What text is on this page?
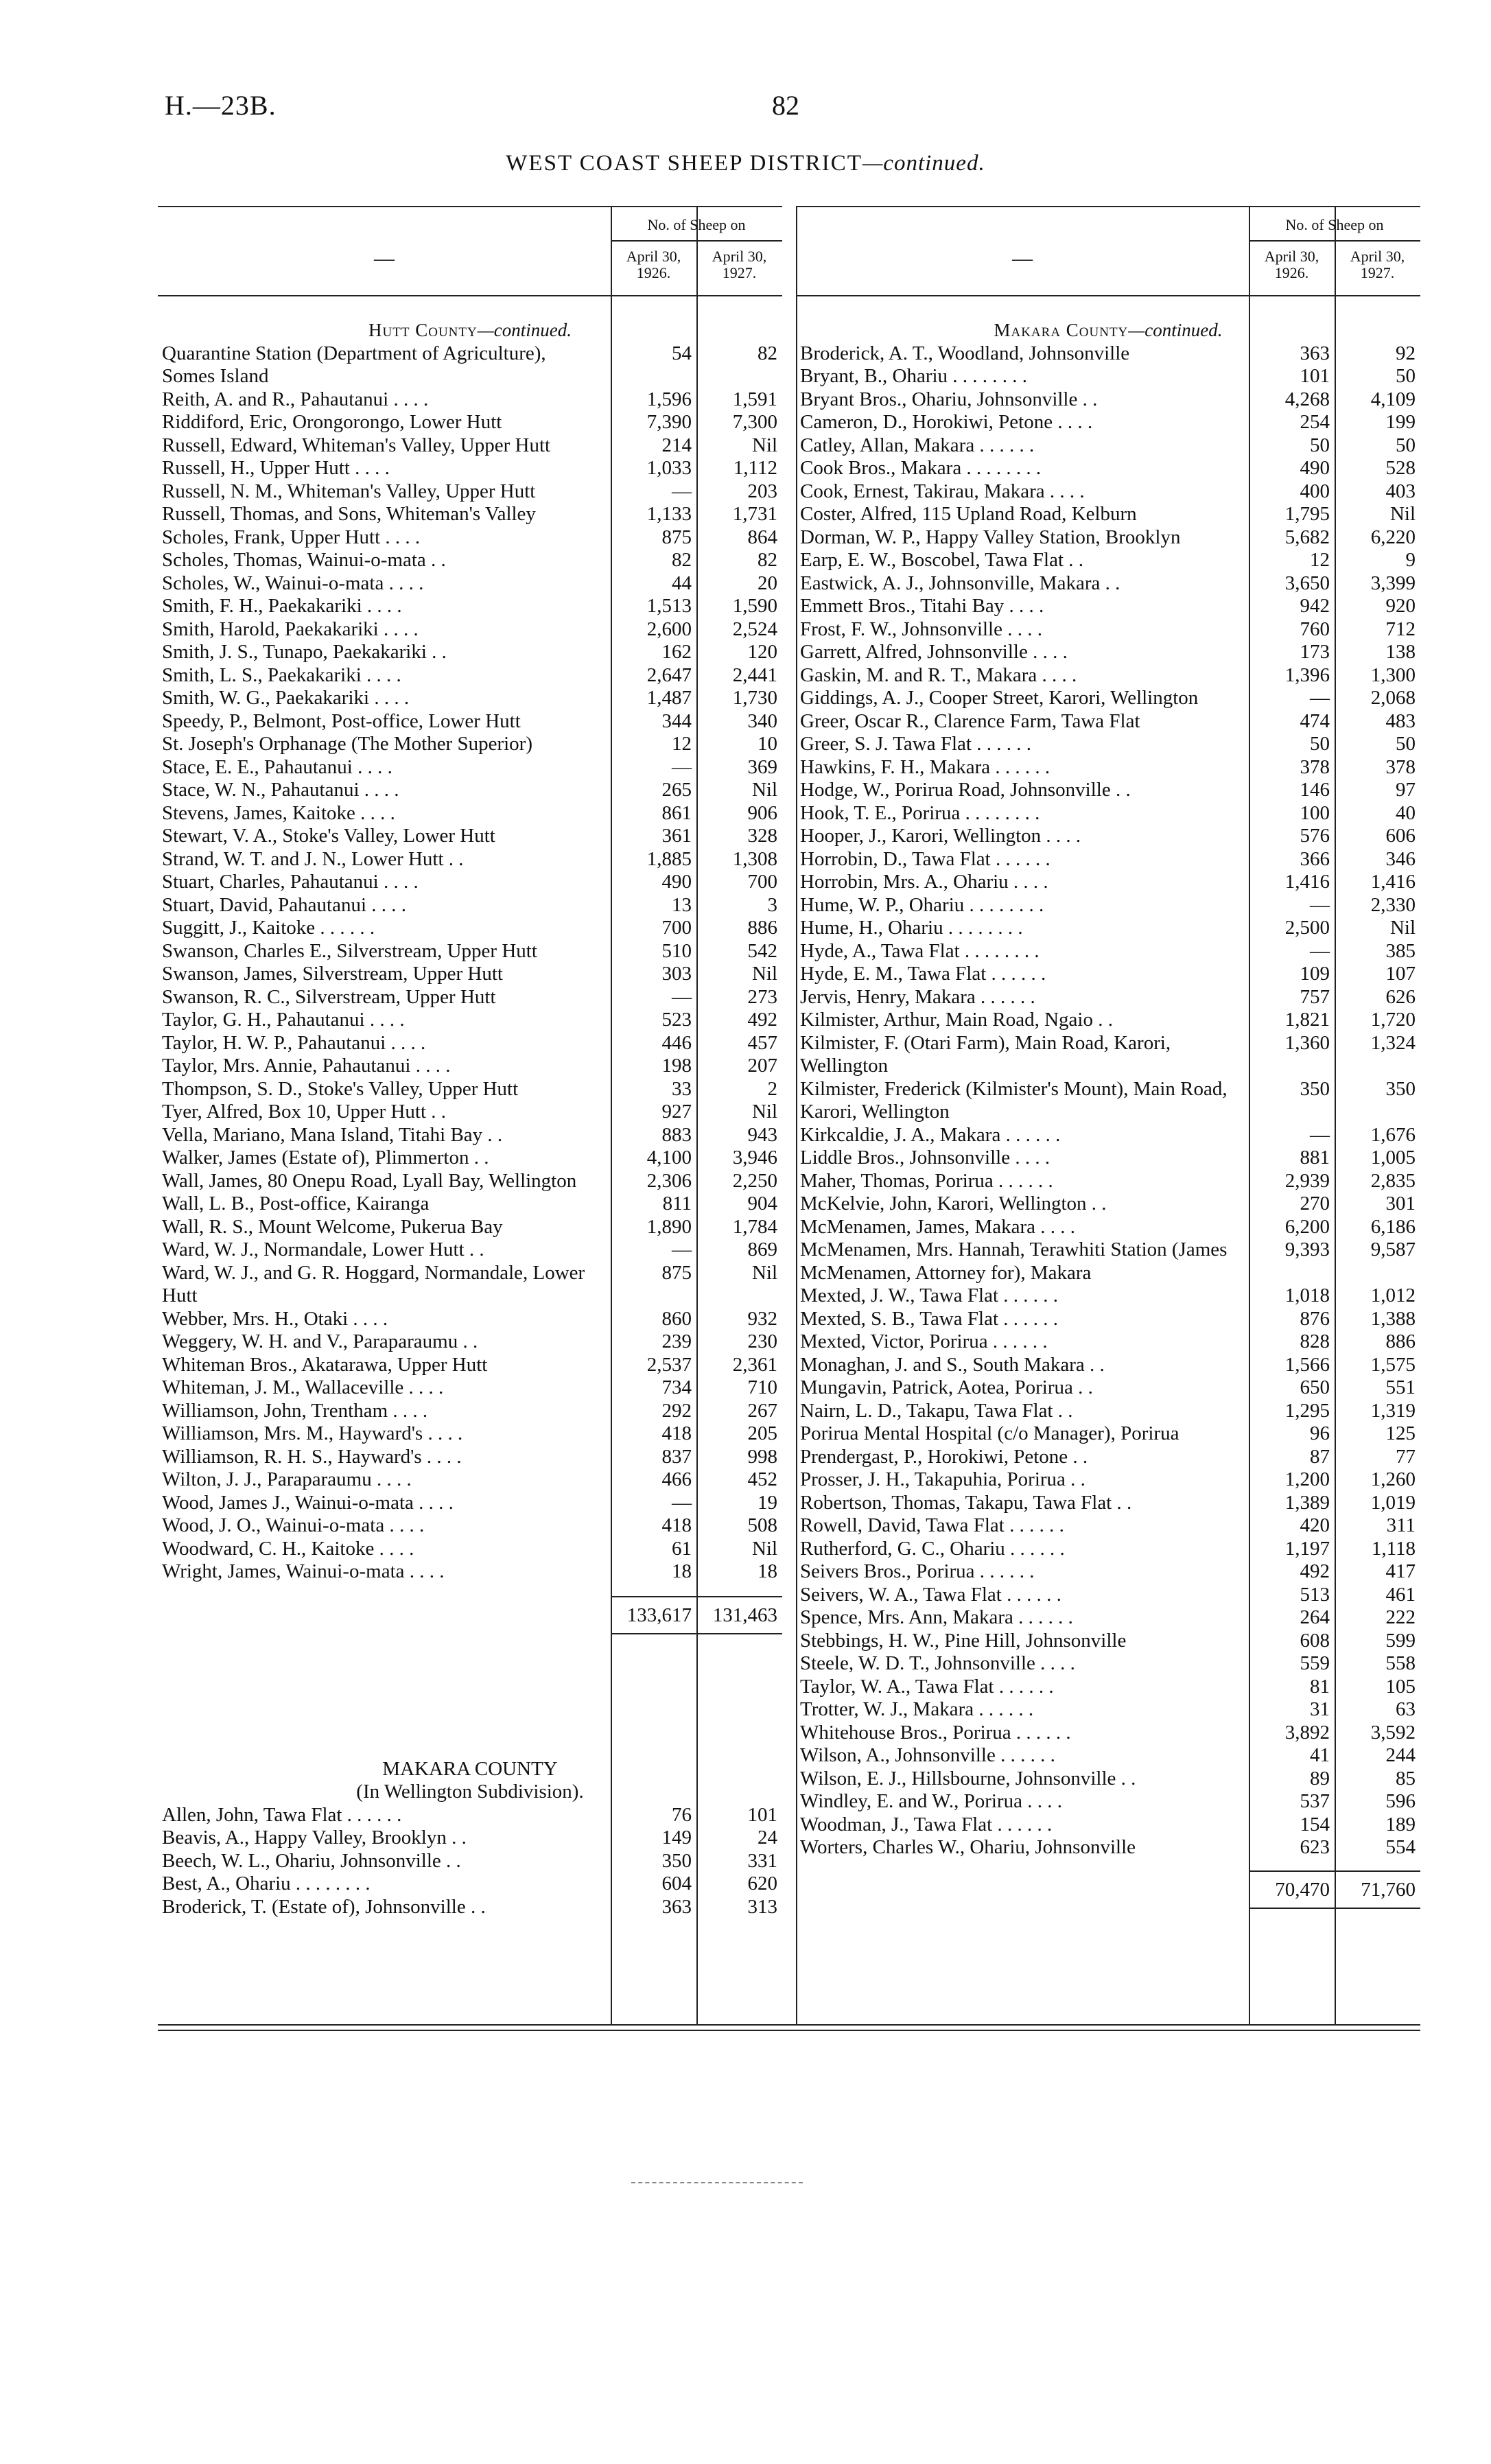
H.—23B.	82
WEST COAST SHEEP DISTRICT—continued.
—
No. of Sheep on
April 30,
1926.
April 30,
1927.
Hutt County—continued.
Quarantine Station (Department of Agriculture), Somes Island
54	82
Reith, A. and R., Pahautanui . . . .	1,596	1,591
Riddiford, Eric, Orongorongo, Lower Hutt	7,390	7,300
Russell, Edward, Whiteman's Valley, Upper Hutt	214	Nil
Russell, H., Upper Hutt . . . .	1,033	1,112
Russell, N. M., Whiteman's Valley, Upper Hutt	—	203
Russell, Thomas, and Sons, Whiteman's Valley	1,133	1,731
Scholes, Frank, Upper Hutt . . . .	875	864
Scholes, Thomas, Wainui-o-mata . .	82	82
Scholes, W., Wainui-o-mata . . . .	44	20
Smith, F. H., Paekakariki . . . .	1,513	1,590
Smith, Harold, Paekakariki . . . .	2,600	2,524
Smith, J. S., Tunapo, Paekakariki . .	162	120
Smith, L. S., Paekakariki . . . .	2,647	2,441
Smith, W. G., Paekakariki . . . .	1,487	1,730
Speedy, P., Belmont, Post-office, Lower Hutt	344	340
St. Joseph's Orphanage (The Mother Superior)	12	10
Stace, E. E., Pahautanui . . . .	—	369
Stace, W. N., Pahautanui . . . .	265	Nil
Stevens, James, Kaitoke . . . .	861	906
Stewart, V. A., Stoke's Valley, Lower Hutt	361	328
Strand, W. T. and J. N., Lower Hutt . .	1,885	1,308
Stuart, Charles, Pahautanui . . . .	490	700
Stuart, David, Pahautanui . . . .	13	3
Suggitt, J., Kaitoke . . . . . .	700	886
Swanson, Charles E., Silverstream, Upper Hutt	510	542
Swanson, James, Silverstream, Upper Hutt	303	Nil
Swanson, R. C., Silverstream, Upper Hutt	—	273
Taylor, G. H., Pahautanui . . . .	523	492
Taylor, H. W. P., Pahautanui . . . .	446	457
Taylor, Mrs. Annie, Pahautanui . . . .	198	207
Thompson, S. D., Stoke's Valley, Upper Hutt	33	2
Tyer, Alfred, Box 10, Upper Hutt . .	927	Nil
Vella, Mariano, Mana Island, Titahi Bay . .	883	943
Walker, James (Estate of), Plimmerton . .	4,100	3,946
Wall, James, 80 Onepu Road, Lyall Bay, Wellington	2,306	2,250
Wall, L. B., Post-office, Kairanga	811	904
Wall, R. S., Mount Welcome, Pukerua Bay	1,890	1,784
Ward, W. J., Normandale, Lower Hutt . .	—	869
Ward, W. J., and G. R. Hoggard, Normandale, Lower Hutt
875	Nil
Webber, Mrs. H., Otaki . . . .	860	932
Weggery, W. H. and V., Paraparaumu . .	239	230
Whiteman Bros., Akatarawa, Upper Hutt	2,537	2,361
Whiteman, J. M., Wallaceville . . . .	734	710
Williamson, John, Trentham . . . .	292	267
Williamson, Mrs. M., Hayward's . . . .	418	205
Williamson, R. H. S., Hayward's . . . .	837	998
Wilton, J. J., Paraparaumu . . . .	466	452
Wood, James J., Wainui-o-mata . . . .	—	19
Wood, J. O., Wainui-o-mata . . . .	418	508
Woodward, C. H., Kaitoke . . . .	61	Nil
Wright, James, Wainui-o-mata . . . .	18	18
133,617	131,463
MAKARA COUNTY
(In Wellington Subdivision).
Allen, John, Tawa Flat . . . . . .	76	101
Beavis, A., Happy Valley, Brooklyn . .	149	24
Beech, W. L., Ohariu, Johnsonville . .	350	331
Best, A., Ohariu . . . . . . . .	604	620
Broderick, T. (Estate of), Johnsonville . .	363	313
—
No. of Sheep on
April 30,
1926.
April 30,
1927.
Makara County—continued.
Broderick, A. T., Woodland, Johnsonville	363	92
Bryant, B., Ohariu . . . . . . . .	101	50
Bryant Bros., Ohariu, Johnsonville . .	4,268	4,109
Cameron, D., Horokiwi, Petone . . . .	254	199
Catley, Allan, Makara . . . . . .	50	50
Cook Bros., Makara . . . . . . . .	490	528
Cook, Ernest, Takirau, Makara . . . .	400	403
Coster, Alfred, 115 Upland Road, Kelburn	1,795	Nil
Dorman, W. P., Happy Valley Station, Brooklyn	5,682	6,220
Earp, E. W., Boscobel, Tawa Flat . .	12	9
Eastwick, A. J., Johnsonville, Makara . .	3,650	3,399
Emmett Bros., Titahi Bay . . . .	942	920
Frost, F. W., Johnsonville . . . .	760	712
Garrett, Alfred, Johnsonville . . . .	173	138
Gaskin, M. and R. T., Makara . . . .	1,396	1,300
Giddings, A. J., Cooper Street, Karori, Wellington	—	2,068
Greer, Oscar R., Clarence Farm, Tawa Flat	474	483
Greer, S. J. Tawa Flat . . . . . .	50	50
Hawkins, F. H., Makara . . . . . .	378	378
Hodge, W., Porirua Road, Johnsonville . .	146	97
Hook, T. E., Porirua . . . . . . . .	100	40
Hooper, J., Karori, Wellington . . . .	576	606
Horrobin, D., Tawa Flat . . . . . .	366	346
Horrobin, Mrs. A., Ohariu . . . .	1,416	1,416
Hume, W. P., Ohariu . . . . . . . .	—	2,330
Hume, H., Ohariu . . . . . . . .	2,500	Nil
Hyde, A., Tawa Flat . . . . . . . .	—	385
Hyde, E. M., Tawa Flat . . . . . .	109	107
Jervis, Henry, Makara . . . . . .	757	626
Kilmister, Arthur, Main Road, Ngaio . .	1,821	1,720
Kilmister, F. (Otari Farm), Main Road, Karori, Wellington
1,360	1,324
Kilmister, Frederick (Kilmister's Mount), Main Road, Karori, Wellington
350	350
Kirkcaldie, J. A., Makara . . . . . .	—	1,676
Liddle Bros., Johnsonville . . . .	881	1,005
Maher, Thomas, Porirua . . . . . .	2,939	2,835
McKelvie, John, Karori, Wellington . .	270	301
McMenamen, James, Makara . . . .	6,200	6,186
McMenamen, Mrs. Hannah, Terawhiti Station (James McMenamen, Attorney for), Makara
9,393	9,587
Mexted, J. W., Tawa Flat . . . . . .	1,018	1,012
Mexted, S. B., Tawa Flat . . . . . .	876	1,388
Mexted, Victor, Porirua . . . . . .	828	886
Monaghan, J. and S., South Makara . .	1,566	1,575
Mungavin, Patrick, Aotea, Porirua . .	650	551
Nairn, L. D., Takapu, Tawa Flat . .	1,295	1,319
Porirua Mental Hospital (c/o Manager), Porirua	96	125
Prendergast, P., Horokiwi, Petone . .	87	77
Prosser, J. H., Takapuhia, Porirua . .	1,200	1,260
Robertson, Thomas, Takapu, Tawa Flat . .	1,389	1,019
Rowell, David, Tawa Flat . . . . . .	420	311
Rutherford, G. C., Ohariu . . . . . .	1,197	1,118
Seivers Bros., Porirua . . . . . .	492	417
Seivers, W. A., Tawa Flat . . . . . .	513	461
Spence, Mrs. Ann, Makara . . . . . .	264	222
Stebbings, H. W., Pine Hill, Johnsonville	608	599
Steele, W. D. T., Johnsonville . . . .	559	558
Taylor, W. A., Tawa Flat . . . . . .	81	105
Trotter, W. J., Makara . . . . . .	31	63
Whitehouse Bros., Porirua . . . . . .	3,892	3,592
Wilson, A., Johnsonville . . . . . .	41	244
Wilson, E. J., Hillsbourne, Johnsonville . .	89	85
Windley, E. and W., Porirua . . . .	537	596
Woodman, J., Tawa Flat . . . . . .	154	189
Worters, Charles W., Ohariu, Johnsonville	623	554
70,470	71,760
